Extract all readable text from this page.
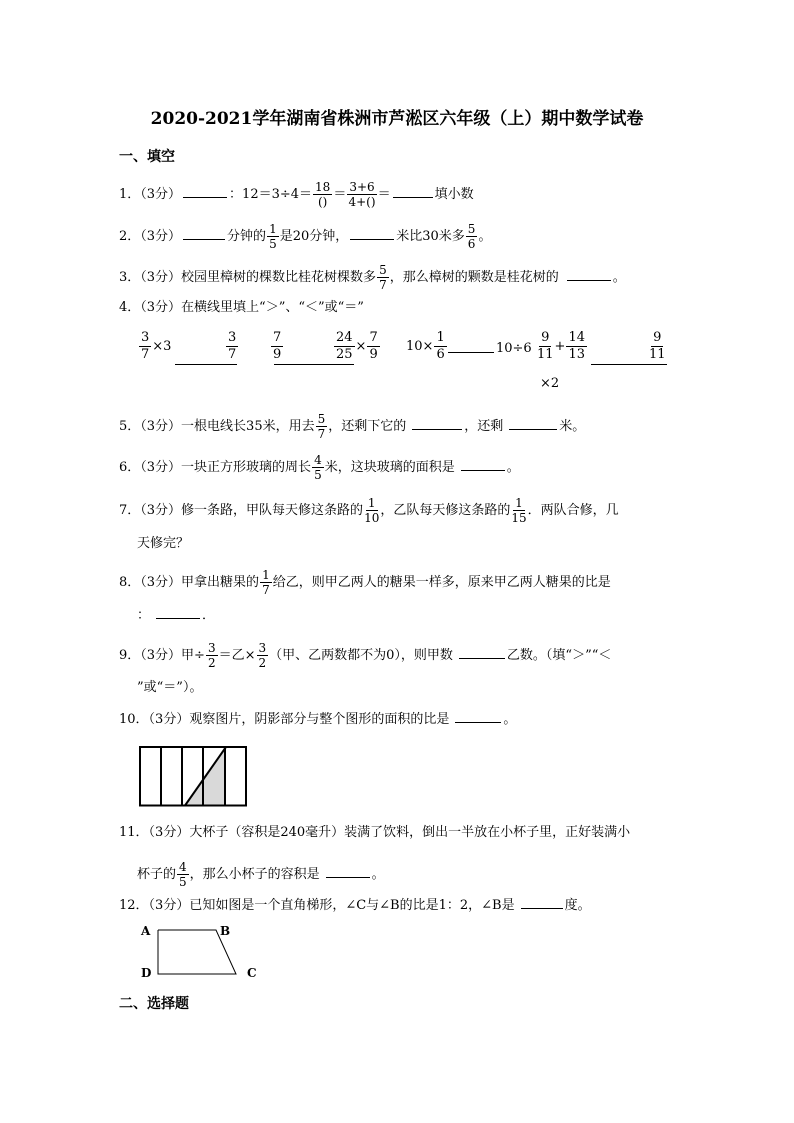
2020-2021学年湖南省株洲市芦淞区六年级（上）期中数学试卷
一、填空
1．（3分）	：12＝3÷4＝ 18
() ＝ $\frac{3+6}{4+()}$ ＝	填小数
2．（3分）	分钟的 $\frac{1}{5}$ 是20分钟，	米比30米多 $\frac{5}{6}$ 。
3．（3分）校园里樟树的棵数比桂花树棵数多 $\frac{5}{7}$ ，那么樟树的颗数是桂花树的	。
4．（3分）在横线里填上“＞”、“＜”或“＝”
$\frac{3}{7} \times 3$	$\frac{3}{7}$	$\frac{7}{9}$	$\frac{24}{25} \times \frac{7}{9} 10\times \frac{1}{6}$	$10\div 6 \frac{9}{11} + \frac{14}{13}$	$\frac{9}{11}$
×2
5．（3分）一根电线长35米，用去 $\frac{5}{7}$ ，还剩下它的	，还剩	米。
6．（3分）一块正方形玻璃的周长 $\frac{4}{5}$ 米，这块玻璃的面积是	。
7．（3分）修一条路，甲队每天修这条路的 $\frac{1}{10}$ ，乙队每天修这条路的 $\frac{1}{15}$ ．两队合修，几
天修完？
8．（3分）甲拿出糖果的 $\frac{1}{7}$ 给乙，则甲乙两人的糖果一样多，原来甲乙两人糖果的比是
：	．
9．（3分）甲÷ $\frac{3}{2}$ ＝乙× $\frac{3}{2}$ （甲、乙两数都不为0），则甲数	乙数。（填“＞”“＜
”或“＝”）。
10．（3分）观察图片，阴影部分与整个图形的面积的比是	。
11．（3分）大杯子（容积是240毫升）装满了饮料，倒出一半放在小杯子里，正好装满小
杯子的 $\frac{4}{5}$ ，那么小杯子的容积是	。
12．（3分）已知如图是一个直角梯形，∠C与∠B的比是1：2，∠B是	度。
A	B
D	C
二、选择题
